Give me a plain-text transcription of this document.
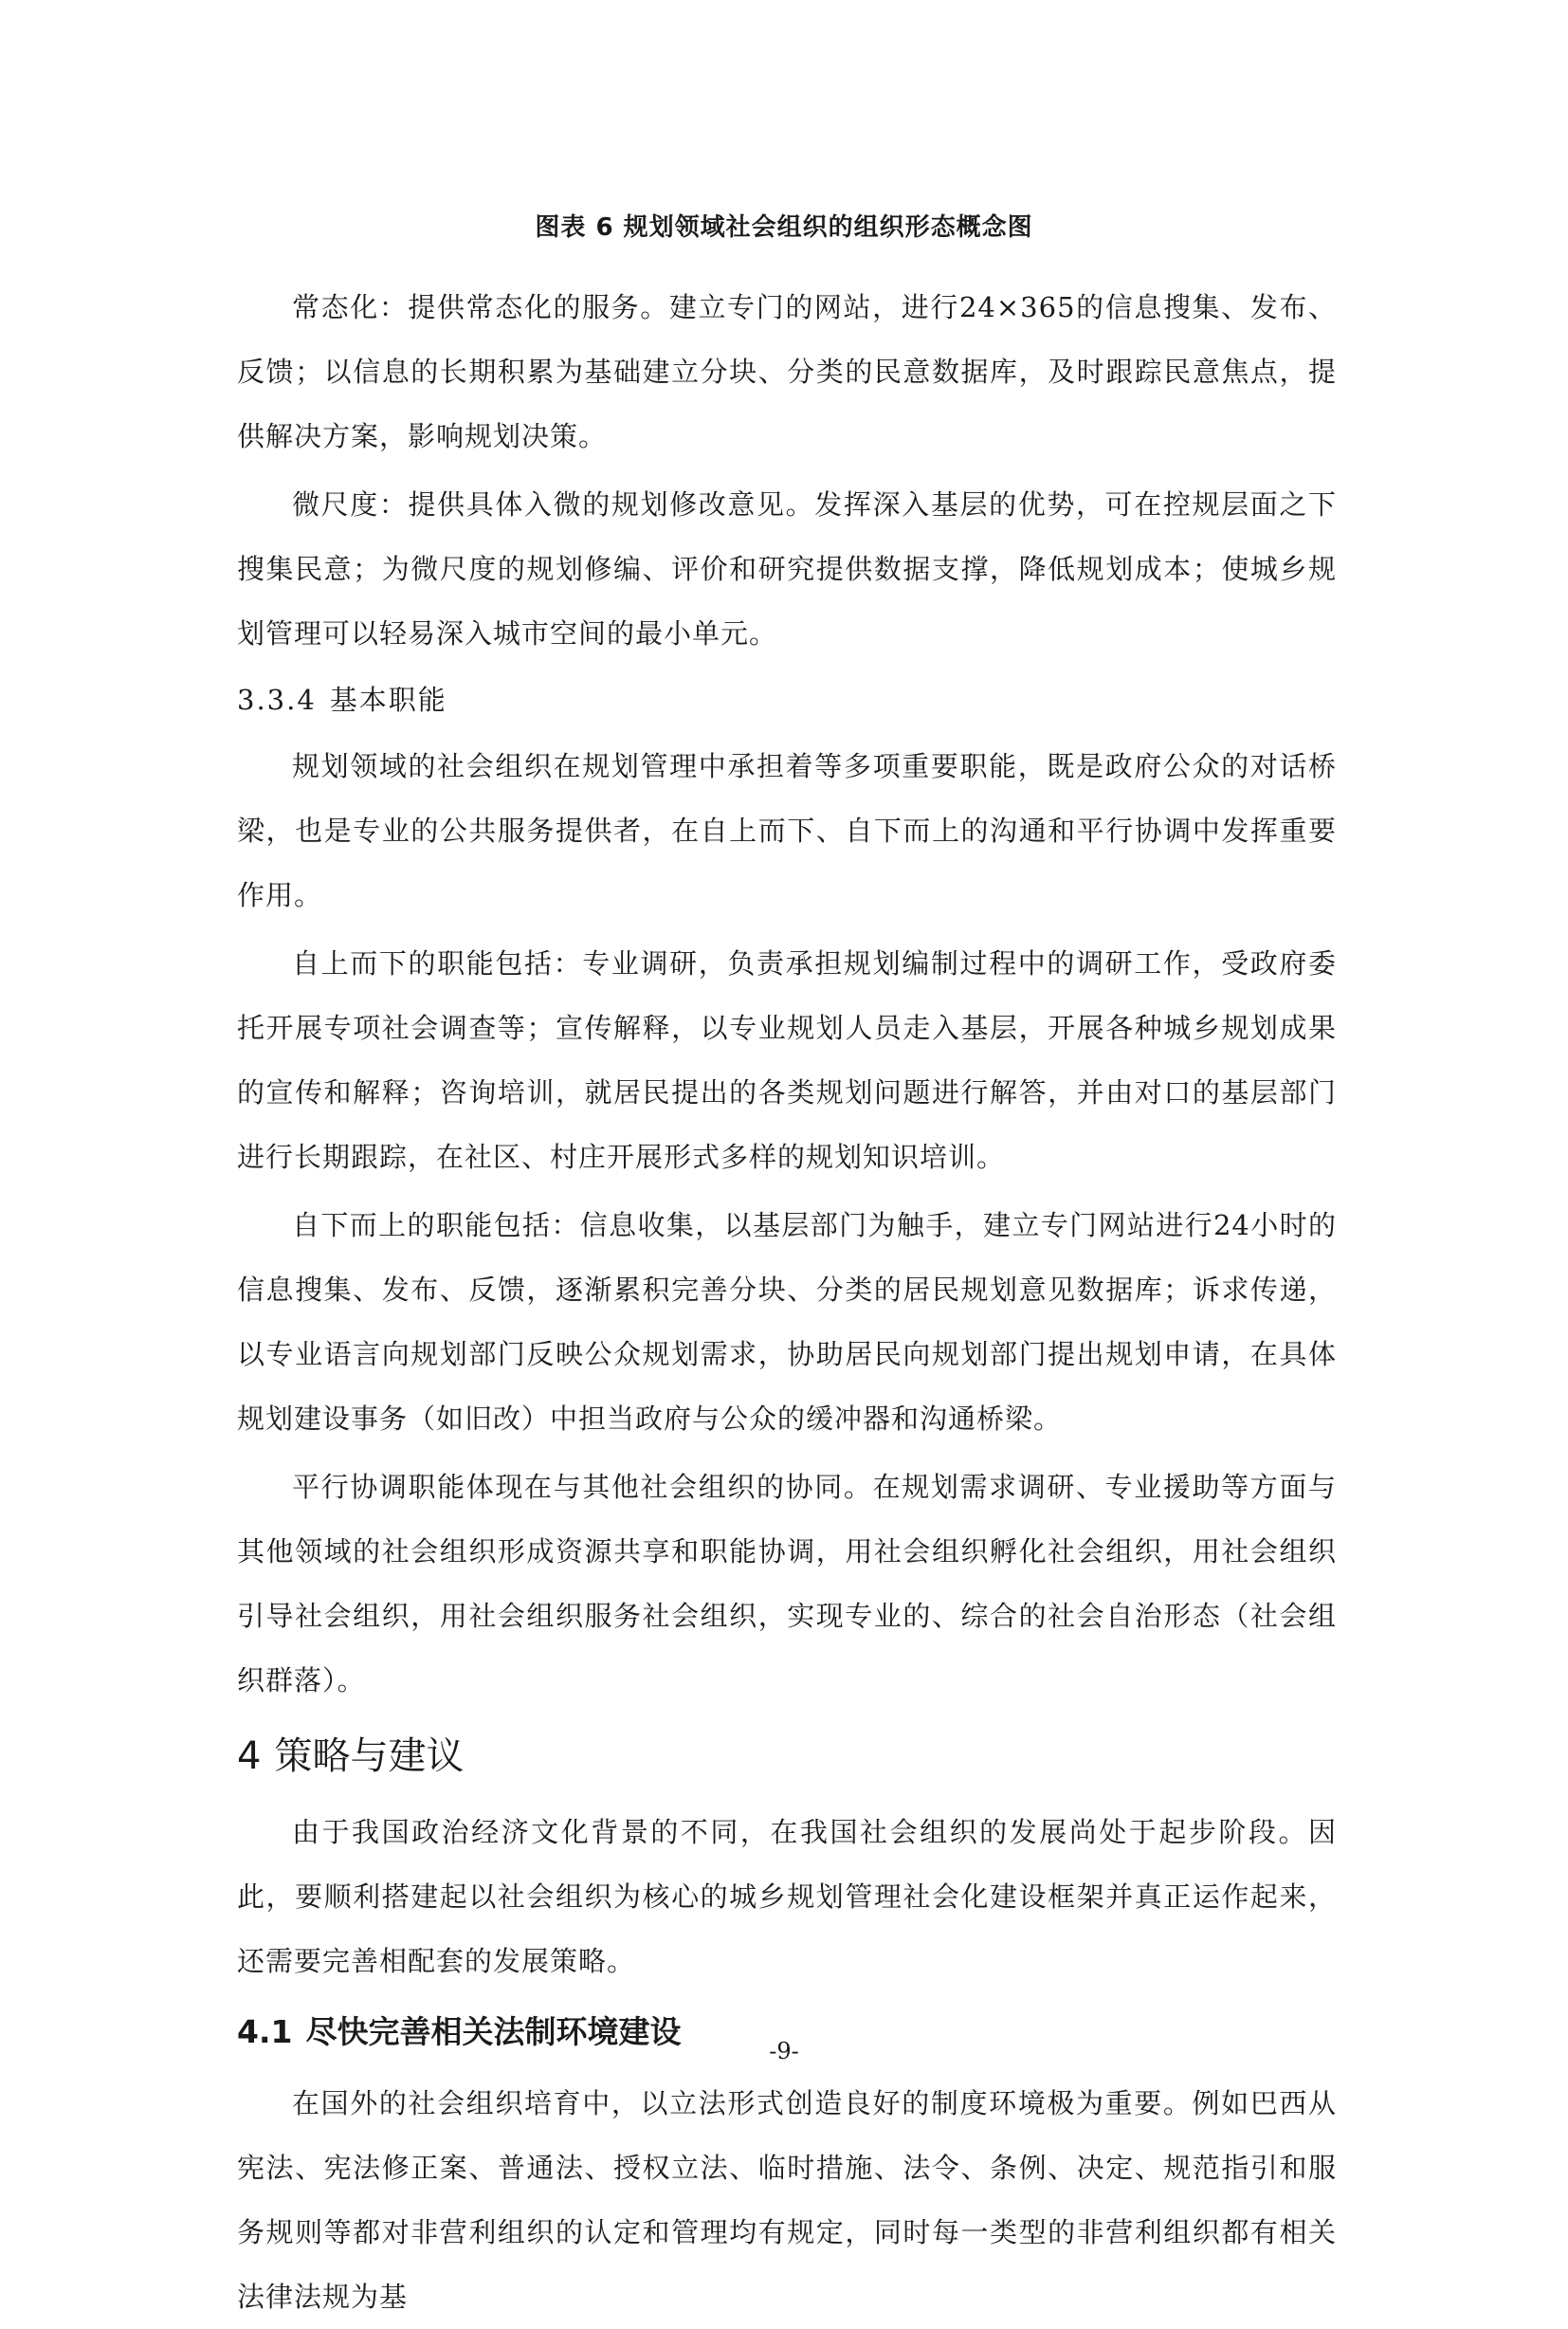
图表 6 规划领域社会组织的组织形态概念图

常态化：提供常态化的服务。建立专门的网站，进行24×365的信息搜集、发布、反馈；以信息的长期积累为基础建立分块、分类的民意数据库，及时跟踪民意焦点，提供解决方案，影响规划决策。

微尺度：提供具体入微的规划修改意见。发挥深入基层的优势，可在控规层面之下搜集民意；为微尺度的规划修编、评价和研究提供数据支撑，降低规划成本；使城乡规划管理可以轻易深入城市空间的最小单元。

3.3.4 基本职能

规划领域的社会组织在规划管理中承担着等多项重要职能，既是政府公众的对话桥梁，也是专业的公共服务提供者，在自上而下、自下而上的沟通和平行协调中发挥重要作用。

自上而下的职能包括：专业调研，负责承担规划编制过程中的调研工作，受政府委托开展专项社会调查等；宣传解释，以专业规划人员走入基层，开展各种城乡规划成果的宣传和解释；咨询培训，就居民提出的各类规划问题进行解答，并由对口的基层部门进行长期跟踪，在社区、村庄开展形式多样的规划知识培训。

自下而上的职能包括：信息收集，以基层部门为触手，建立专门网站进行24小时的信息搜集、发布、反馈，逐渐累积完善分块、分类的居民规划意见数据库；诉求传递，以专业语言向规划部门反映公众规划需求，协助居民向规划部门提出规划申请，在具体规划建设事务（如旧改）中担当政府与公众的缓冲器和沟通桥梁。

平行协调职能体现在与其他社会组织的协同。在规划需求调研、专业援助等方面与其他领域的社会组织形成资源共享和职能协调，用社会组织孵化社会组织，用社会组织引导社会组织，用社会组织服务社会组织，实现专业的、综合的社会自治形态（社会组织群落）。

4 策略与建议

由于我国政治经济文化背景的不同，在我国社会组织的发展尚处于起步阶段。因此，要顺利搭建起以社会组织为核心的城乡规划管理社会化建设框架并真正运作起来，还需要完善相配套的发展策略。

4.1 尽快完善相关法制环境建设

在国外的社会组织培育中，以立法形式创造良好的制度环境极为重要。例如巴西从宪法、宪法修正案、普通法、授权立法、临时措施、法令、条例、决定、规范指引和服务规则等都对非营利组织的认定和管理均有规定，同时每一类型的非营利组织都有相关法律法规为基

-9-
